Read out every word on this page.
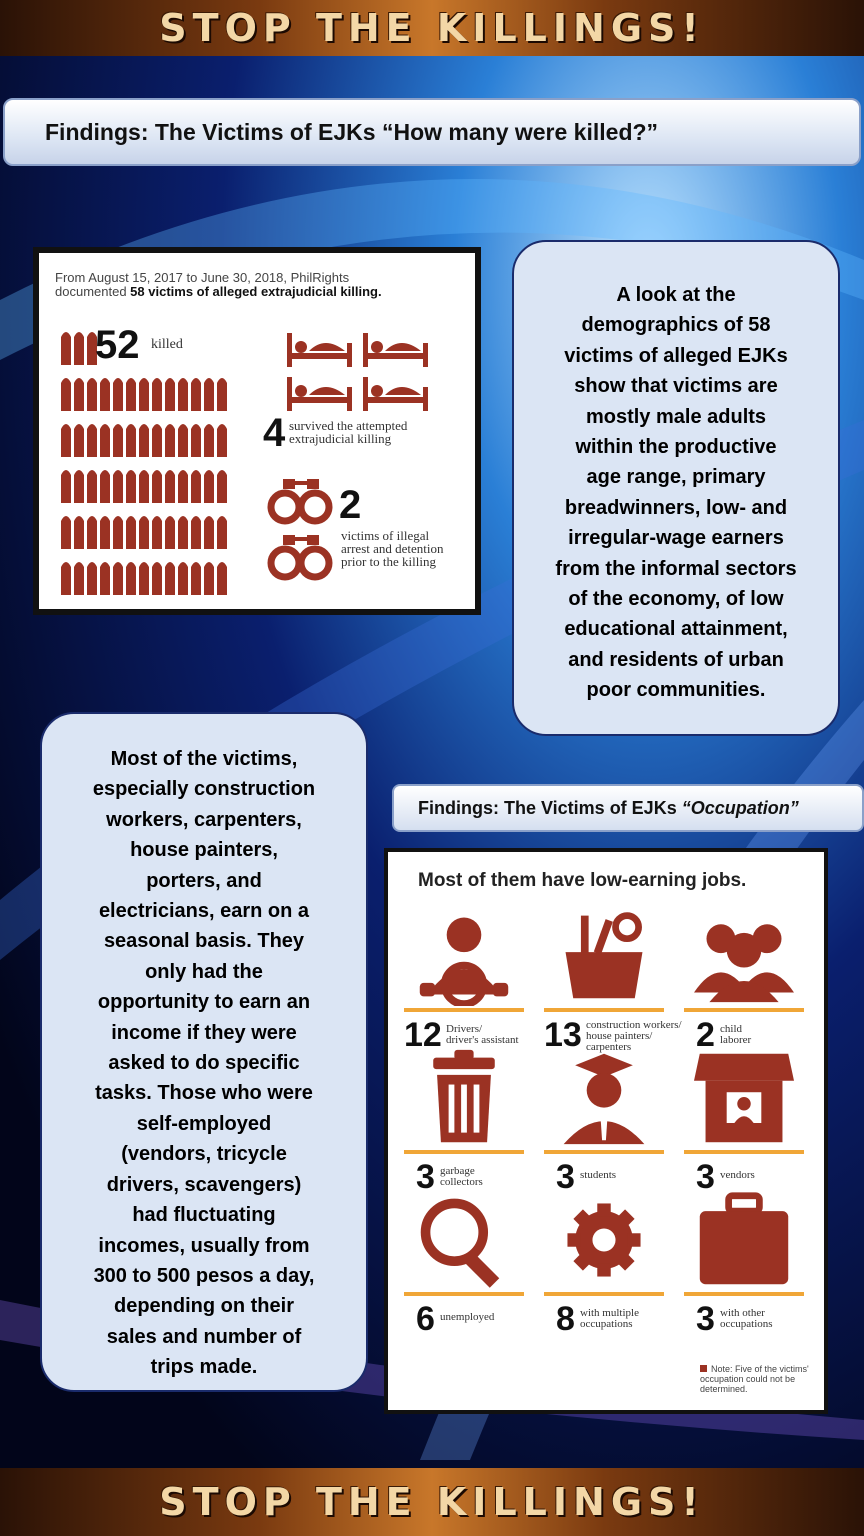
STOP THE KILLINGS!
Findings: The Victims of EJKs “How many were killed?”
From August 15, 2017 to June 30, 2018, PhilRights
documented 58 victims of alleged extrajudicial killing.
52 killed
4 survived the attempted
extrajudicial killing
2
victims of illegal
arrest and detention
prior to the killing
A look at the
demographics of 58
victims of alleged EJKs
show that victims are
mostly male adults
within the productive
age range, primary
breadwinners, low- and
irregular-wage earners
from the informal sectors
of the economy, of low
educational attainment,
and residents of urban
poor communities.
Most of the victims,
especially construction
workers, carpenters,
house painters,
porters, and
electricians, earn on a
seasonal basis. They
only had the
opportunity to earn an
income if they were
asked to do specific
tasks. Those who were
self-employed
(vendors, tricycle
drivers, scavengers)
had fluctuating
incomes, usually from
300 to 500 pesos a day,
depending on their
sales and number of
trips made.
Findings: The Victims of EJKs “Occupation”
Most of them have low-earning jobs.
12 Drivers/
driver's assistant 13 construction workers/
house painters/
carpenters	2 child
laborer
3 garbage
collectors 3 students 3 vendors
6 unemployed 8 with multiple
occupations 3 with other
occupations
Note: Five of the victims'
occupation could not be
determined.
STOP THE KILLINGS!
